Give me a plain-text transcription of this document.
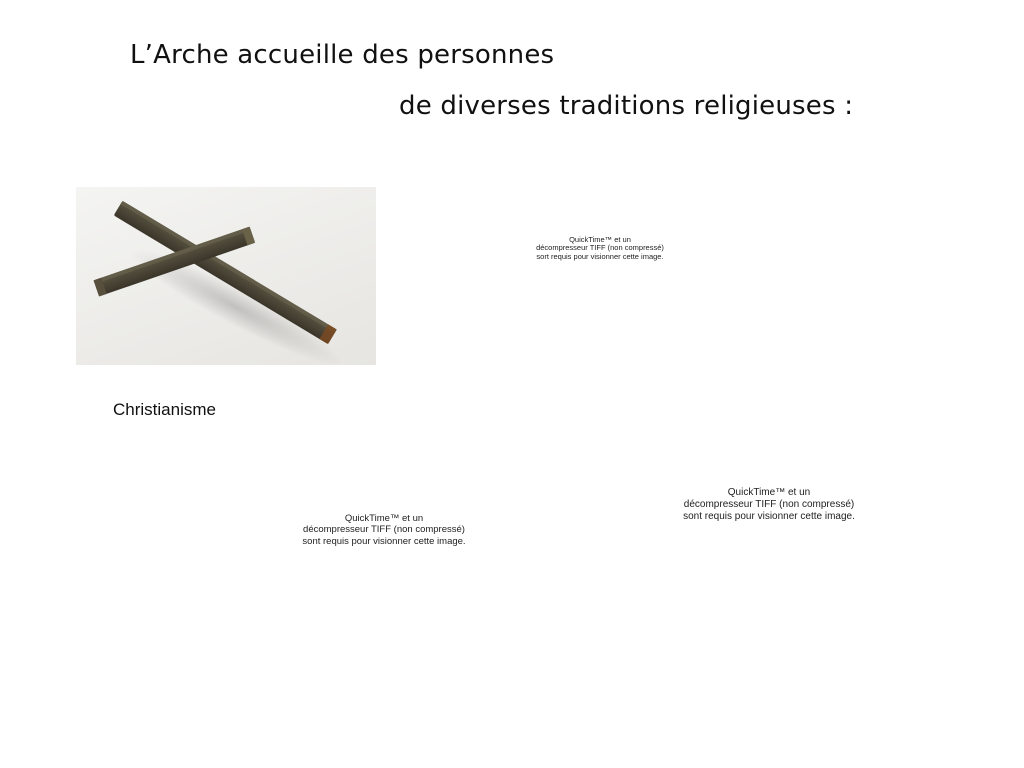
L’Arche accueille des personnes
de diverses traditions religieuses :
Christianisme
QuickTime™ et un
décompresseur TIFF (non compressé)
sort requis pour visionner cette image.
QuickTime™ et un
décompresseur TIFF (non compressé)
sont requis pour visionner cette image.
QuickTime™ et un
décompresseur TIFF (non compressé)
sont requis pour visionner cette image.
